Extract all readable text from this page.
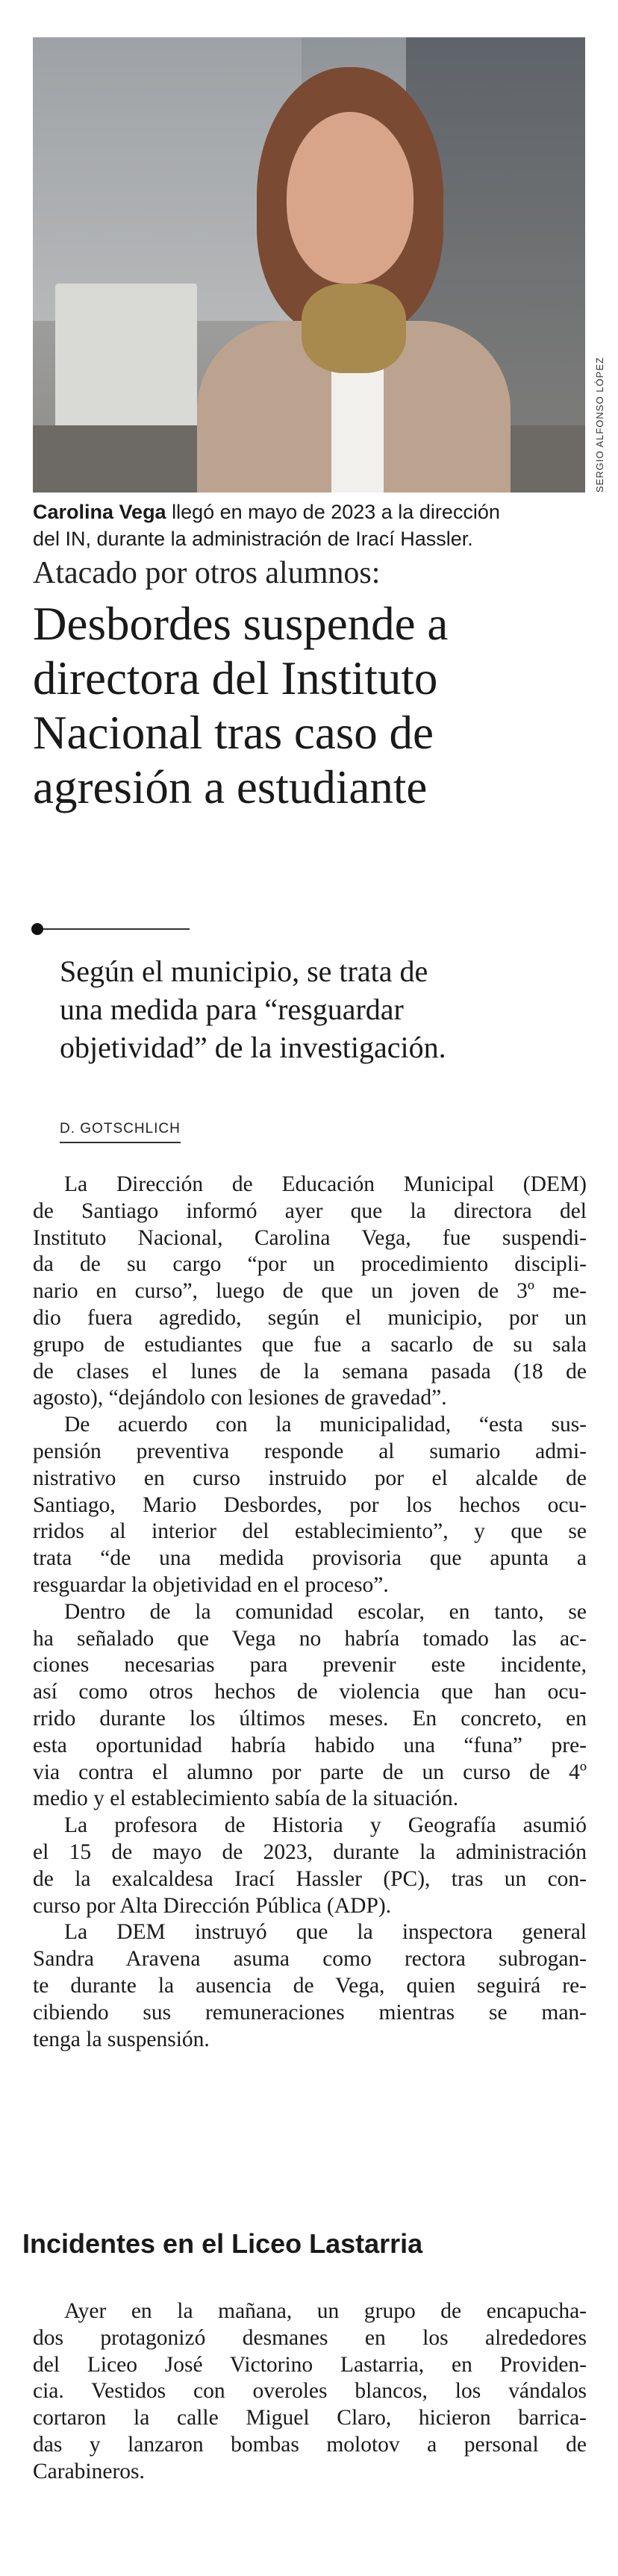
SERGIO ALFONSO LÓPEZ
Carolina Vega llegó en mayo de 2023 a la dirección
del IN, durante la administración de Irací Hassler.
Atacado por otros alumnos:
Desbordes suspende a
directora del Instituto
Nacional tras caso de
agresión a estudiante
Según el municipio, se trata de
una medida para “resguardar
objetividad” de la investigación.
D. GOTSCHLICH
La Dirección de Educación Municipal (DEM)
de Santiago informó ayer que la directora del
Instituto Nacional, Carolina Vega, fue suspendi-
da de su cargo “por un procedimiento discipli-
nario en curso”, luego de que un joven de 3º me-
dio fuera agredido, según el municipio, por un
grupo de estudiantes que fue a sacarlo de su sala
de clases el lunes de la semana pasada (18 de
agosto), “dejándolo con lesiones de gravedad”.
De acuerdo con la municipalidad, “esta sus-
pensión preventiva responde al sumario admi-
nistrativo en curso instruido por el alcalde de
Santiago, Mario Desbordes, por los hechos ocu-
rridos al interior del establecimiento”, y que se
trata “de una medida provisoria que apunta a
resguardar la objetividad en el proceso”.
Dentro de la comunidad escolar, en tanto, se
ha señalado que Vega no habría tomado las ac-
ciones necesarias para prevenir este incidente,
así como otros hechos de violencia que han ocu-
rrido durante los últimos meses. En concreto, en
esta oportunidad habría habido una “funa” pre-
via contra el alumno por parte de un curso de 4º
medio y el establecimiento sabía de la situación.
La profesora de Historia y Geografía asumió
el 15 de mayo de 2023, durante la administración
de la exalcaldesa Irací Hassler (PC), tras un con-
curso por Alta Dirección Pública (ADP).
La DEM instruyó que la inspectora general
Sandra Aravena asuma como rectora subrogan-
te durante la ausencia de Vega, quien seguirá re-
cibiendo sus remuneraciones mientras se man-
tenga la suspensión.
Incidentes en el Liceo Lastarria
Ayer en la mañana, un grupo de encapucha-
dos protagonizó desmanes en los alrededores
del Liceo José Victorino Lastarria, en Providen-
cia. Vestidos con overoles blancos, los vándalos
cortaron la calle Miguel Claro, hicieron barrica-
das y lanzaron bombas molotov a personal de
Carabineros.
